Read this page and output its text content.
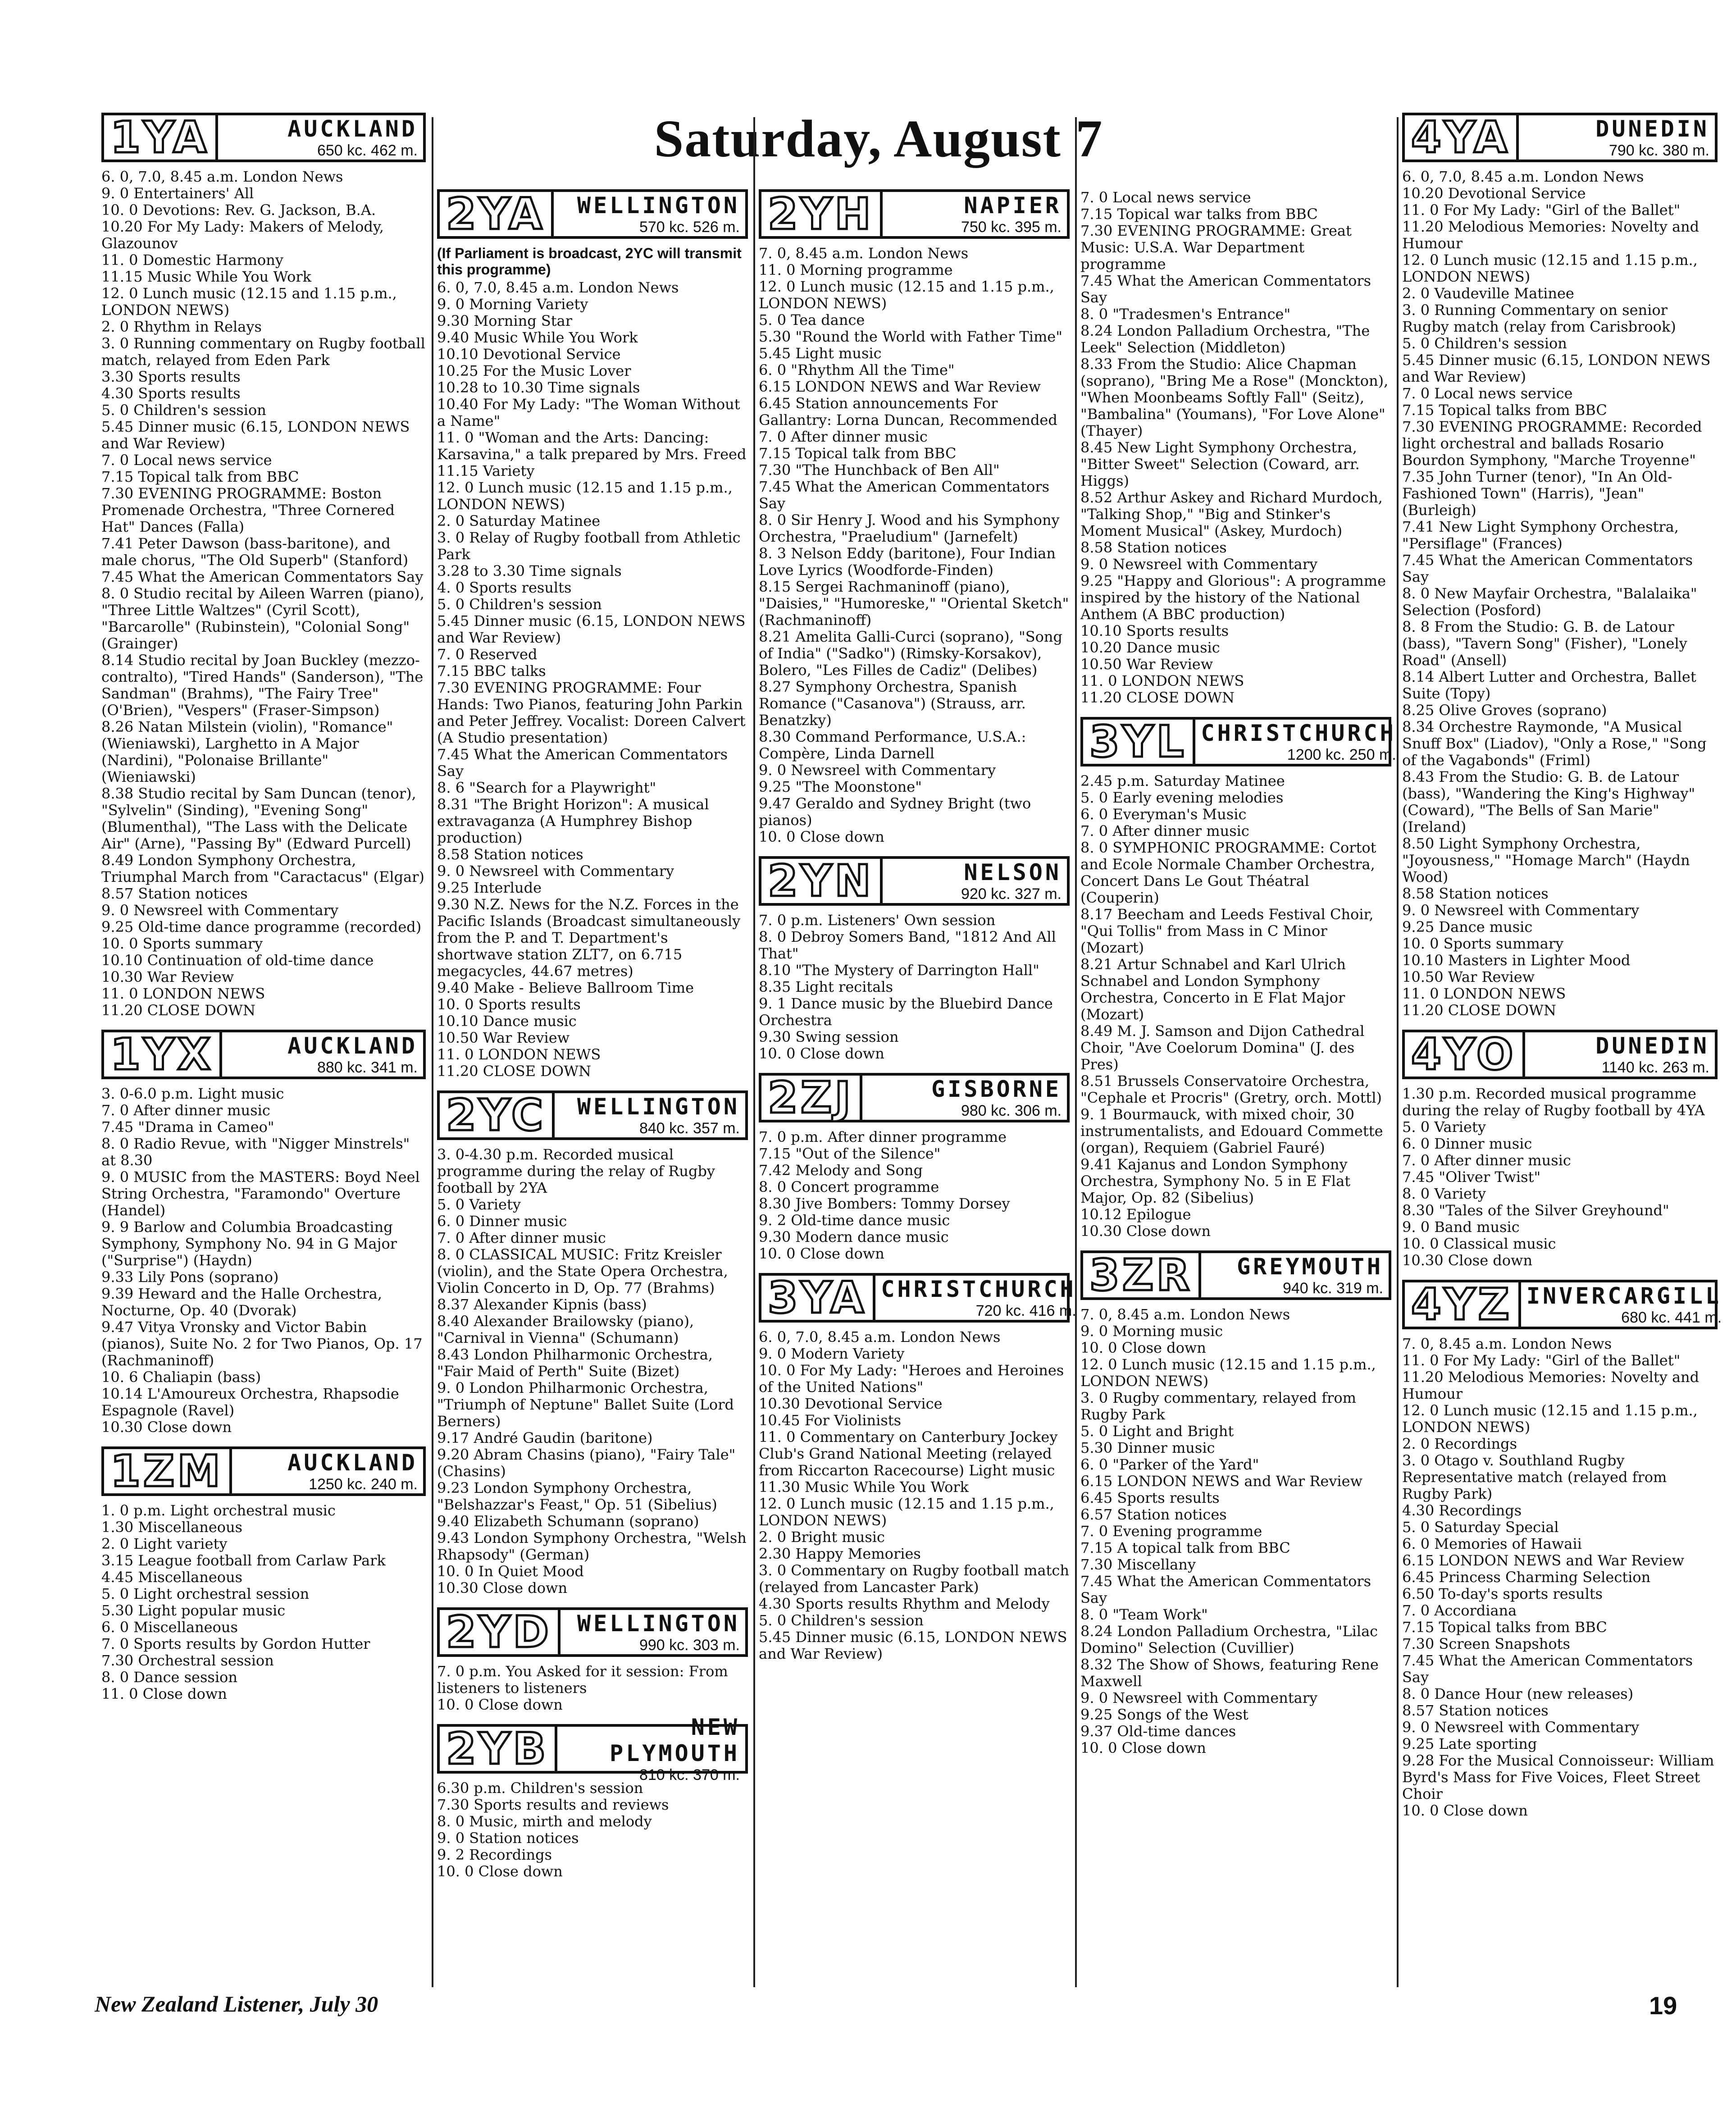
Saturday, August 7
1YA	AUCKLAND
650 kc. 462 m.

6. 0, 7.0, 8.45 a.m. London News

9. 0 Entertainers' All

10. 0 Devotions: Rev. G. Jackson, B.A.

10.20 For My Lady: Makers of Melody, Glazounov

11. 0 Domestic Harmony

11.15 Music While You Work

12. 0 Lunch music (12.15 and 1.15 p.m., LONDON NEWS)

2. 0 Rhythm in Relays

3. 0 Running commentary on Rugby football match, relayed from Eden Park

3.30 Sports results

4.30 Sports results

5. 0 Children's session

5.45 Dinner music (6.15, LONDON NEWS and War Review)

7. 0 Local news service

7.15 Topical talk from BBC

7.30 EVENING PROGRAMME: Boston Promenade Orchestra, "Three Cornered Hat" Dances (Falla)

7.41 Peter Dawson (bass-baritone), and male chorus, "The Old Superb" (Stanford)

7.45 What the American Commentators Say

8. 0 Studio recital by Aileen Warren (piano), "Three Little Waltzes" (Cyril Scott), "Barcarolle" (Rubinstein), "Colonial Song" (Grainger)

8.14 Studio recital by Joan Buckley (mezzo-contralto), "Tired Hands" (Sanderson), "The Sandman" (Brahms), "The Fairy Tree" (O'Brien), "Vespers" (Fraser-Simpson)

8.26 Natan Milstein (violin), "Romance" (Wieniawski), Larghetto in A Major (Nardini), "Polonaise Brillante" (Wieniawski)

8.38 Studio recital by Sam Duncan (tenor), "Sylvelin" (Sinding), "Evening Song" (Blumenthal), "The Lass with the Delicate Air" (Arne), "Passing By" (Edward Purcell)

8.49 London Symphony Orchestra, Triumphal March from "Caractacus" (Elgar)

8.57 Station notices

9. 0 Newsreel with Commentary

9.25 Old-time dance programme (recorded)

10. 0 Sports summary

10.10 Continuation of old-time dance

10.30 War Review

11. 0 LONDON NEWS

11.20 CLOSE DOWN

1YX	AUCKLAND
880 kc. 341 m.

3. 0-6.0 p.m. Light music

7. 0 After dinner music

7.45 "Drama in Cameo"

8. 0 Radio Revue, with "Nigger Minstrels" at 8.30

9. 0 MUSIC from the MASTERS: Boyd Neel String Orchestra, "Faramondo" Overture (Handel)

9. 9 Barlow and Columbia Broadcasting Symphony, Symphony No. 94 in G Major ("Surprise") (Haydn)

9.33 Lily Pons (soprano)

9.39 Heward and the Halle Orchestra, Nocturne, Op. 40 (Dvorak)

9.47 Vitya Vronsky and Victor Babin (pianos), Suite No. 2 for Two Pianos, Op. 17 (Rachmaninoff)

10. 6 Chaliapin (bass)

10.14 L'Amoureux Orchestra, Rhapsodie Espagnole (Ravel)

10.30 Close down

1ZM	AUCKLAND
1250 kc. 240 m.

1. 0 p.m. Light orchestral music

1.30 Miscellaneous

2. 0 Light variety

3.15 League football from Carlaw Park

4.45 Miscellaneous

5. 0 Light orchestral session

5.30 Light popular music

6. 0 Miscellaneous

7. 0 Sports results by Gordon Hutter

7.30 Orchestral session

8. 0 Dance session

11. 0 Close down

2YA	WELLINGTON
570 kc. 526 m.
(If Parliament is broadcast, 2YC will transmit this programme)

6. 0, 7.0, 8.45 a.m. London News

9. 0 Morning Variety

9.30 Morning Star

9.40 Music While You Work

10.10 Devotional Service

10.25 For the Music Lover

10.28 to 10.30 Time signals

10.40 For My Lady: "The Woman Without a Name"

11. 0 "Woman and the Arts: Dancing: Karsavina," a talk prepared by Mrs. Freed

11.15 Variety

12. 0 Lunch music (12.15 and 1.15 p.m., LONDON NEWS)

2. 0 Saturday Matinee

3. 0 Relay of Rugby football from Athletic Park

3.28 to 3.30 Time signals

4. 0 Sports results

5. 0 Children's session

5.45 Dinner music (6.15, LONDON NEWS and War Review)

7. 0 Reserved

7.15 BBC talks

7.30 EVENING PROGRAMME: Four Hands: Two Pianos, featuring John Parkin and Peter Jeffrey. Vocalist: Doreen Calvert (A Studio presentation)

7.45 What the American Commentators Say

8. 6 "Search for a Playwright"

8.31 "The Bright Horizon": A musical extravaganza (A Humphrey Bishop production)

8.58 Station notices

9. 0 Newsreel with Commentary

9.25 Interlude

9.30 N.Z. News for the N.Z. Forces in the Pacific Islands (Broadcast simultaneously from the P. and T. Department's shortwave station ZLT7, on 6.715 megacycles, 44.67 metres)

9.40 Make - Believe Ballroom Time

10. 0 Sports results

10.10 Dance music

10.50 War Review

11. 0 LONDON NEWS

11.20 CLOSE DOWN

2YC	WELLINGTON
840 kc. 357 m.

3. 0-4.30 p.m. Recorded musical programme during the relay of Rugby football by 2YA

5. 0 Variety

6. 0 Dinner music

7. 0 After dinner music

8. 0 CLASSICAL MUSIC: Fritz Kreisler (violin), and the State Opera Orchestra, Violin Concerto in D, Op. 77 (Brahms)

8.37 Alexander Kipnis (bass)

8.40 Alexander Brailowsky (piano), "Carnival in Vienna" (Schumann)

8.43 London Philharmonic Orchestra, "Fair Maid of Perth" Suite (Bizet)

9. 0 London Philharmonic Orchestra, "Triumph of Neptune" Ballet Suite (Lord Berners)

9.17 André Gaudin (baritone)

9.20 Abram Chasins (piano), "Fairy Tale" (Chasins)

9.23 London Symphony Orchestra, "Belshazzar's Feast," Op. 51 (Sibelius)

9.40 Elizabeth Schumann (soprano)

9.43 London Symphony Orchestra, "Welsh Rhapsody" (German)

10. 0 In Quiet Mood

10.30 Close down

2YD	WELLINGTON
990 kc. 303 m.

7. 0 p.m. You Asked for it session: From listeners to listeners

10. 0 Close down

2YB	NEW PLYMOUTH
810 kc. 370 m.

6.30 p.m. Children's session

7.30 Sports results and reviews

8. 0 Music, mirth and melody

9. 0 Station notices

9. 2 Recordings

10. 0 Close down

2YH	NAPIER
750 kc. 395 m.

7. 0, 8.45 a.m. London News

11. 0 Morning programme

12. 0 Lunch music (12.15 and 1.15 p.m., LONDON NEWS)

5. 0 Tea dance

5.30 "Round the World with Father Time"

5.45 Light music

6. 0 "Rhythm All the Time"

6.15 LONDON NEWS and War Review

6.45 Station announcements For Gallantry: Lorna Duncan, Recommended

7. 0 After dinner music

7.15 Topical talk from BBC

7.30 "The Hunchback of Ben All"

7.45 What the American Commentators Say

8. 0 Sir Henry J. Wood and his Symphony Orchestra, "Praeludium" (Jarnefelt)

8. 3 Nelson Eddy (baritone), Four Indian Love Lyrics (Woodforde-Finden)

8.15 Sergei Rachmaninoff (piano), "Daisies," "Humoreske," "Oriental Sketch" (Rachmaninoff)

8.21 Amelita Galli-Curci (soprano), "Song of India" ("Sadko") (Rimsky-Korsakov), Bolero, "Les Filles de Cadiz" (Delibes)

8.27 Symphony Orchestra, Spanish Romance ("Casanova") (Strauss, arr. Benatzky)

8.30 Command Performance, U.S.A.: Compère, Linda Darnell

9. 0 Newsreel with Commentary

9.25 "The Moonstone"

9.47 Geraldo and Sydney Bright (two pianos)

10. 0 Close down

2YN	NELSON
920 kc. 327 m.

7. 0 p.m. Listeners' Own session

8. 0 Debroy Somers Band, "1812 And All That"

8.10 "The Mystery of Darrington Hall"

8.35 Light recitals

9. 1 Dance music by the Bluebird Dance Orchestra

9.30 Swing session

10. 0 Close down

2ZJ	GISBORNE
980 kc. 306 m.

7. 0 p.m. After dinner programme

7.15 "Out of the Silence"

7.42 Melody and Song

8. 0 Concert programme

8.30 Jive Bombers: Tommy Dorsey

9. 2 Old-time dance music

9.30 Modern dance music

10. 0 Close down

3YA CHRISTCHURCH
720 kc. 416 m.

6. 0, 7.0, 8.45 a.m. London News

9. 0 Modern Variety

10. 0 For My Lady: "Heroes and Heroines of the United Nations"

10.30 Devotional Service

10.45 For Violinists

11. 0 Commentary on Canterbury Jockey Club's Grand National Meeting (relayed from Riccarton Racecourse) Light music

11.30 Music While You Work

12. 0 Lunch music (12.15 and 1.15 p.m., LONDON NEWS)

2. 0 Bright music

2.30 Happy Memories

3. 0 Commentary on Rugby football match (relayed from Lancaster Park)

4.30 Sports results Rhythm and Melody

5. 0 Children's session

5.45 Dinner music (6.15, LONDON NEWS and War Review)

7. 0 Local news service

7.15 Topical war talks from BBC

7.30 EVENING PROGRAMME: Great Music: U.S.A. War Department programme

7.45 What the American Commentators Say

8. 0 "Tradesmen's Entrance"

8.24 London Palladium Orchestra, "The Leek" Selection (Middleton)

8.33 From the Studio: Alice Chapman (soprano), "Bring Me a Rose" (Monckton), "When Moonbeams Softly Fall" (Seitz), "Bambalina" (Youmans), "For Love Alone" (Thayer)

8.45 New Light Symphony Orchestra, "Bitter Sweet" Selection (Coward, arr. Higgs)

8.52 Arthur Askey and Richard Murdoch, "Talking Shop," "Big and Stinker's Moment Musical" (Askey, Murdoch)

8.58 Station notices

9. 0 Newsreel with Commentary

9.25 "Happy and Glorious": A programme inspired by the history of the National Anthem (A BBC production)

10.10 Sports results

10.20 Dance music

10.50 War Review

11. 0 LONDON NEWS

11.20 CLOSE DOWN

3YL CHRISTCHURCH
1200 kc. 250 m.

2.45 p.m. Saturday Matinee

5. 0 Early evening melodies

6. 0 Everyman's Music

7. 0 After dinner music

8. 0 SYMPHONIC PROGRAMME: Cortot and Ecole Normale Chamber Orchestra, Concert Dans Le Gout Théatral (Couperin)

8.17 Beecham and Leeds Festival Choir, "Qui Tollis" from Mass in C Minor (Mozart)

8.21 Artur Schnabel and Karl Ulrich Schnabel and London Symphony Orchestra, Concerto in E Flat Major (Mozart)

8.49 M. J. Samson and Dijon Cathedral Choir, "Ave Coelorum Domina" (J. des Pres)

8.51 Brussels Conservatoire Orchestra, "Cephale et Procris" (Gretry, orch. Mottl)

9. 1 Bourmauck, with mixed choir, 30 instrumentalists, and Edouard Commette (organ), Requiem (Gabriel Fauré)

9.41 Kajanus and London Symphony Orchestra, Symphony No. 5 in E Flat Major, Op. 82 (Sibelius)

10.12 Epilogue

10.30 Close down

3ZR	GREYMOUTH
940 kc. 319 m.

7. 0, 8.45 a.m. London News

9. 0 Morning music

10. 0 Close down

12. 0 Lunch music (12.15 and 1.15 p.m., LONDON NEWS)

3. 0 Rugby commentary, relayed from Rugby Park

5. 0 Light and Bright

5.30 Dinner music

6. 0 "Parker of the Yard"

6.15 LONDON NEWS and War Review

6.45 Sports results

6.57 Station notices

7. 0 Evening programme

7.15 A topical talk from BBC

7.30 Miscellany

7.45 What the American Commentators Say

8. 0 "Team Work"

8.24 London Palladium Orchestra, "Lilac Domino" Selection (Cuvillier)

8.32 The Show of Shows, featuring Rene Maxwell

9. 0 Newsreel with Commentary

9.25 Songs of the West

9.37 Old-time dances

10. 0 Close down

4YA	DUNEDIN
790 kc. 380 m.

6. 0, 7.0, 8.45 a.m. London News

10.20 Devotional Service

11. 0 For My Lady: "Girl of the Ballet"

11.20 Melodious Memories: Novelty and Humour

12. 0 Lunch music (12.15 and 1.15 p.m., LONDON NEWS)

2. 0 Vaudeville Matinee

3. 0 Running Commentary on senior Rugby match (relay from Carisbrook)

5. 0 Children's session

5.45 Dinner music (6.15, LONDON NEWS and War Review)

7. 0 Local news service

7.15 Topical talks from BBC

7.30 EVENING PROGRAMME: Recorded light orchestral and ballads Rosario Bourdon Symphony, "Marche Troyenne"

7.35 John Turner (tenor), "In An Old-Fashioned Town" (Harris), "Jean" (Burleigh)

7.41 New Light Symphony Orchestra, "Persiflage" (Frances)

7.45 What the American Commentators Say

8. 0 New Mayfair Orchestra, "Balalaika" Selection (Posford)

8. 8 From the Studio: G. B. de Latour (bass), "Tavern Song" (Fisher), "Lonely Road" (Ansell)

8.14 Albert Lutter and Orchestra, Ballet Suite (Topy)

8.25 Olive Groves (soprano)

8.34 Orchestre Raymonde, "A Musical Snuff Box" (Liadov), "Only a Rose," "Song of the Vagabonds" (Friml)

8.43 From the Studio: G. B. de Latour (bass), "Wandering the King's Highway" (Coward), "The Bells of San Marie" (Ireland)

8.50 Light Symphony Orchestra, "Joyousness," "Homage March" (Haydn Wood)

8.58 Station notices

9. 0 Newsreel with Commentary

9.25 Dance music

10. 0 Sports summary

10.10 Masters in Lighter Mood

10.50 War Review

11. 0 LONDON NEWS

11.20 CLOSE DOWN

4YO	DUNEDIN
1140 kc. 263 m.

1.30 p.m. Recorded musical programme during the relay of Rugby football by 4YA

5. 0 Variety

6. 0 Dinner music

7. 0 After dinner music

7.45 "Oliver Twist"

8. 0 Variety

8.30 "Tales of the Silver Greyhound"

9. 0 Band music

10. 0 Classical music

10.30 Close down

4YZ INVERCARGILL
680 kc. 441 m.

7. 0, 8.45 a.m. London News

11. 0 For My Lady: "Girl of the Ballet"

11.20 Melodious Memories: Novelty and Humour

12. 0 Lunch music (12.15 and 1.15 p.m., LONDON NEWS)

2. 0 Recordings

3. 0 Otago v. Southland Rugby Representative match (relayed from Rugby Park)

4.30 Recordings

5. 0 Saturday Special

6. 0 Memories of Hawaii

6.15 LONDON NEWS and War Review

6.45 Princess Charming Selection

6.50 To-day's sports results

7. 0 Accordiana

7.15 Topical talks from BBC

7.30 Screen Snapshots

7.45 What the American Commentators Say

8. 0 Dance Hour (new releases)

8.57 Station notices

9. 0 Newsreel with Commentary

9.25 Late sporting

9.28 For the Musical Connoisseur: William Byrd's Mass for Five Voices, Fleet Street Choir

10. 0 Close down

New Zealand Listener, July 30	19
